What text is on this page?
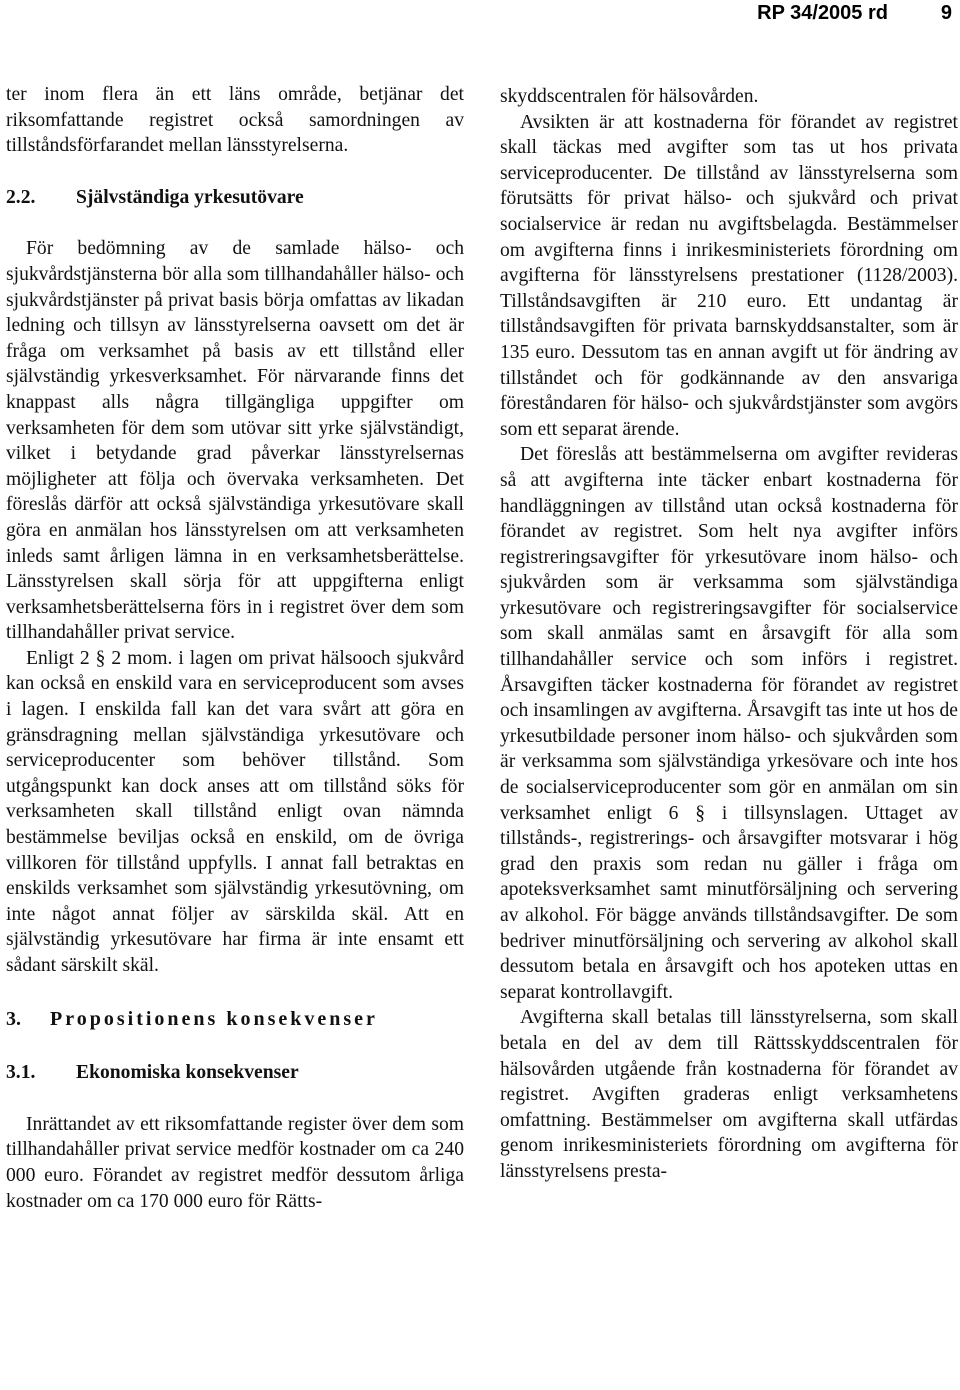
RP 34/2005 rd	9

ter inom flera än ett läns område, betjänar det riksomfattande registret också samordningen av tillståndsförfarandet mellan länsstyrelserna.

2.2. Självständiga yrkesutövare

För bedömning av de samlade hälso- och sjukvårdstjänsterna bör alla som tillhandahåller hälso- och sjukvårdstjänster på privat basis börja omfattas av likadan ledning och tillsyn av länsstyrelserna oavsett om det är fråga om verksamhet på basis av ett tillstånd eller självständig yrkesverksamhet. För närvarande finns det knappast alls några tillgängliga uppgifter om verksamheten för dem som utövar sitt yrke självständigt, vilket i betydande grad påverkar länsstyrelsernas möjligheter att följa och övervaka verksamheten. Det föreslås därför att också självständiga yrkesutövare skall göra en anmälan hos länsstyrelsen om att verksamheten inleds samt årligen lämna in en verksamhetsberättelse. Länsstyrelsen skall sörja för att uppgifterna enligt verksamhetsberättelserna förs in i registret över dem som tillhandahåller privat service.

Enligt 2 § 2 mom. i lagen om privat hälsooch sjukvård kan också en enskild vara en serviceproducent som avses i lagen. I enskilda fall kan det vara svårt att göra en gränsdragning mellan självständiga yrkesutövare och serviceproducenter som behöver tillstånd. Som utgångspunkt kan dock anses att om tillstånd söks för verksamheten skall tillstånd enligt ovan nämnda bestämmelse beviljas också en enskild, om de övriga villkoren för tillstånd uppfylls. I annat fall betraktas en enskilds verksamhet som självständig yrkesutövning, om inte något annat följer av särskilda skäl. Att en självständig yrkesutövare har firma är inte ensamt ett sådant särskilt skäl.

3. Propositionens konsekvenser
3.1. Ekonomiska konsekvenser

Inrättandet av ett riksomfattande register över dem som tillhandahåller privat service medför kostnader om ca 240 000 euro. Förandet av registret medför dessutom årliga kostnader om ca 170 000 euro för Rätts-

skyddscentralen för hälsovården.

Avsikten är att kostnaderna för förandet av registret skall täckas med avgifter som tas ut hos privata serviceproducenter. De tillstånd av länsstyrelserna som förutsätts för privat hälso- och sjukvård och privat socialservice är redan nu avgiftsbelagda. Bestämmelser om avgifterna finns i inrikesministeriets förordning om avgifterna för länsstyrelsens prestationer (1128/2003). Tillståndsavgiften är 210 euro. Ett undantag är tillståndsavgiften för privata barnskyddsanstalter, som är 135 euro. Dessutom tas en annan avgift ut för ändring av tillståndet och för godkännande av den ansvariga föreståndaren för hälso- och sjukvårdstjänster som avgörs som ett separat ärende.

Det föreslås att bestämmelserna om avgifter revideras så att avgifterna inte täcker enbart kostnaderna för handläggningen av tillstånd utan också kostnaderna för förandet av registret. Som helt nya avgifter införs registreringsavgifter för yrkesutövare inom hälso- och sjukvården som är verksamma som självständiga yrkesutövare och registreringsavgifter för socialservice som skall anmälas samt en årsavgift för alla som tillhandahåller service och som införs i registret. Årsavgiften täcker kostnaderna för förandet av registret och insamlingen av avgifterna. Årsavgift tas inte ut hos de yrkesutbildade personer inom hälso- och sjukvården som är verksamma som självständiga yrkesövare och inte hos de socialserviceproducenter som gör en anmälan om sin verksamhet enligt 6 § i tillsynslagen. Uttaget av tillstånds-, registrerings- och årsavgifter motsvarar i hög grad den praxis som redan nu gäller i fråga om apoteksverksamhet samt minutförsäljning och servering av alkohol. För bägge används tillståndsavgifter. De som bedriver minutförsäljning och servering av alkohol skall dessutom betala en årsavgift och hos apoteken uttas en separat kontrollavgift.

Avgifterna skall betalas till länsstyrelserna, som skall betala en del av dem till Rättsskyddscentralen för hälsovården utgående från kostnaderna för förandet av registret. Avgiften graderas enligt verksamhetens omfattning. Bestämmelser om avgifterna skall utfärdas genom inrikesministeriets förordning om avgifterna för länsstyrelsens presta-
